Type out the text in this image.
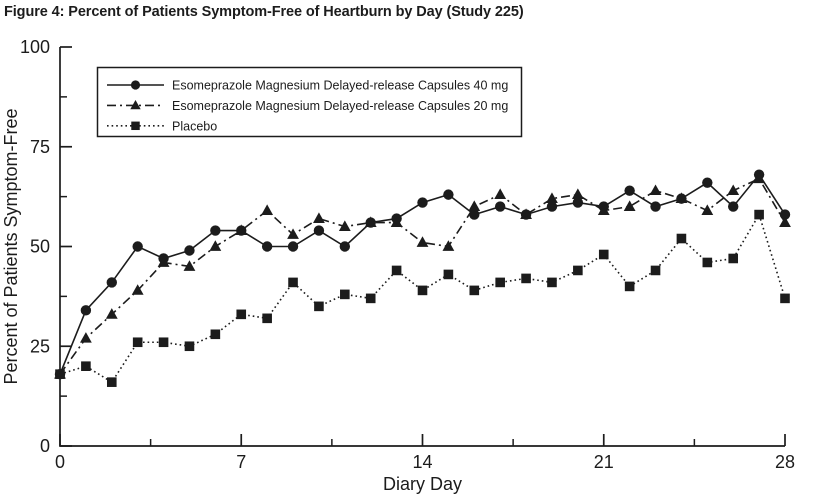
Figure 4: Percent of Patients Symptom-Free of Heartburn by Day (Study 225)
0
25
50
75
100
0	7	14	21	28
Diary Day
Percent of Patients Symptom-Free
Esomeprazole Magnesium Delayed-release Capsules 40 mg
Esomeprazole Magnesium Delayed-release Capsules 20 mg
Placebo
